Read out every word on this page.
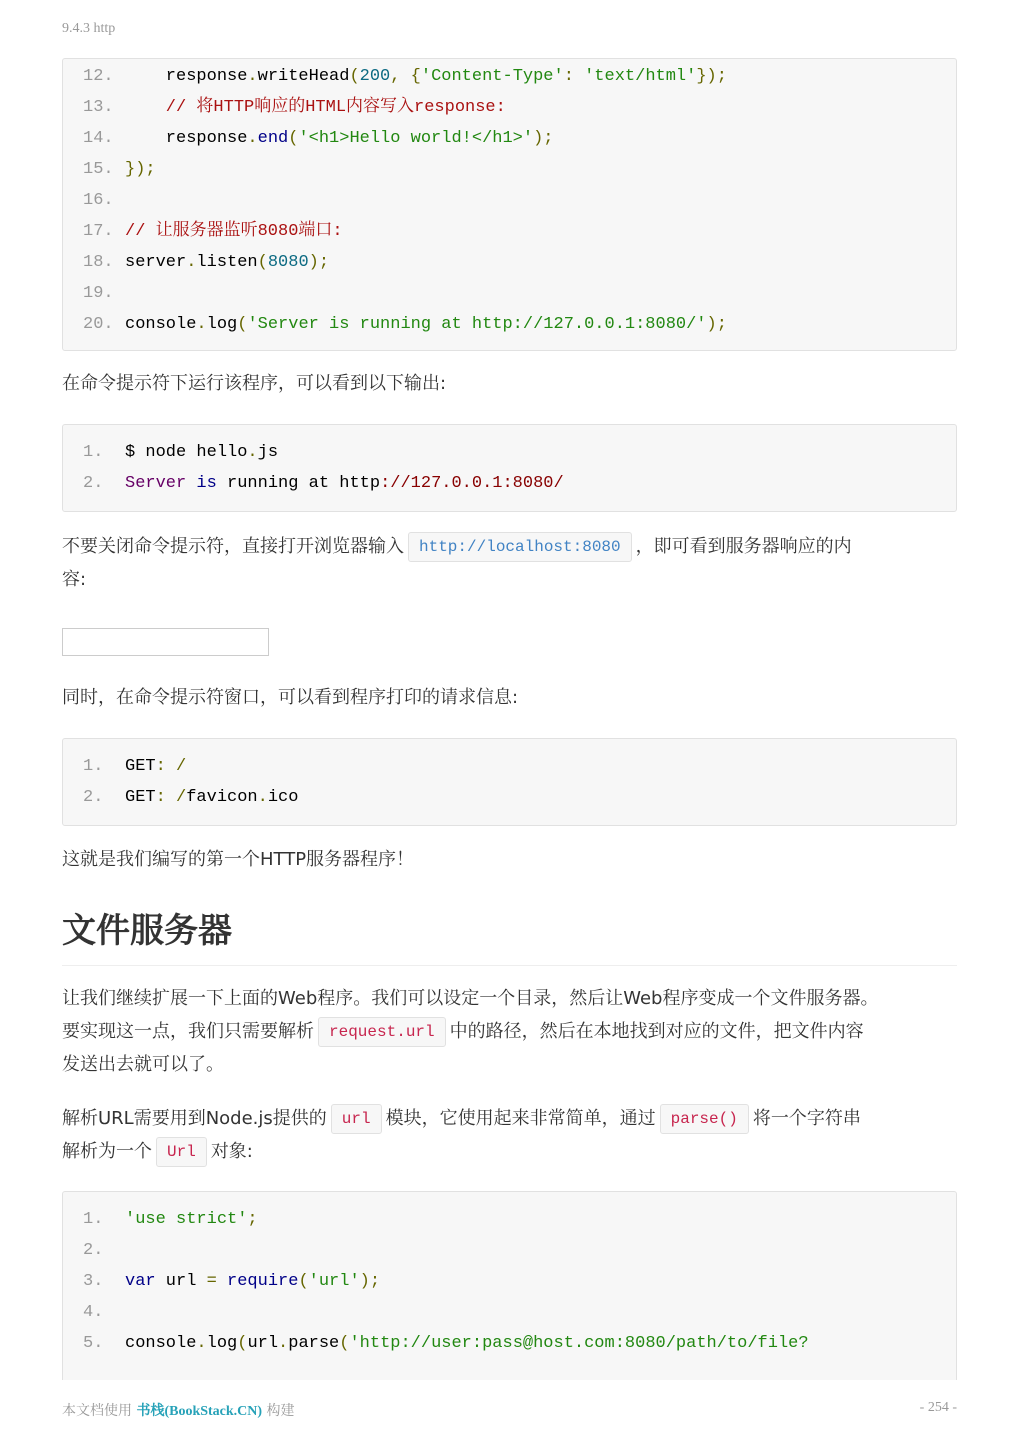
9.4.3 http
12.    response.writeHead(200, {'Content-Type': 'text/html'});
13.    // 将HTTP响应的HTML内容写入response:
14.    response.end('<h1>Hello world!</h1>');
15. });
16.
17. // 让服务器监听8080端口:
18. server.listen(8080);
19.
20. console.log('Server is running at http://127.0.0.1:8080/');
在命令提示符下运行该程序，可以看到以下输出:
1. $ node hello.js
2. Server is running at http://127.0.0.1:8080/
不要关闭命令提示符，直接打开浏览器输入 http://localhost:8080 ，即可看到服务器响应的内
容:
同时，在命令提示符窗口，可以看到程序打印的请求信息:
1. GET: /
2. GET: /favicon.ico
这就是我们编写的第一个HTTP服务器程序！
文件服务器
让我们继续扩展一下上面的Web程序。我们可以设定一个目录，然后让Web程序变成一个文件服务器。
要实现这一点，我们只需要解析 request.url 中的路径，然后在本地找到对应的文件，把文件内容
发送出去就可以了。
解析URL需要用到Node.js提供的 url 模块，它使用起来非常简单，通过 parse() 将一个字符串
解析为一个 Url 对象:
1. 'use strict';
2.
3. var url = require('url');
4.
5. console.log(url.parse('http://user:pass@host.com:8080/path/to/file?
本文档使用 书栈(BookStack.CN) 构建	- 254 -
